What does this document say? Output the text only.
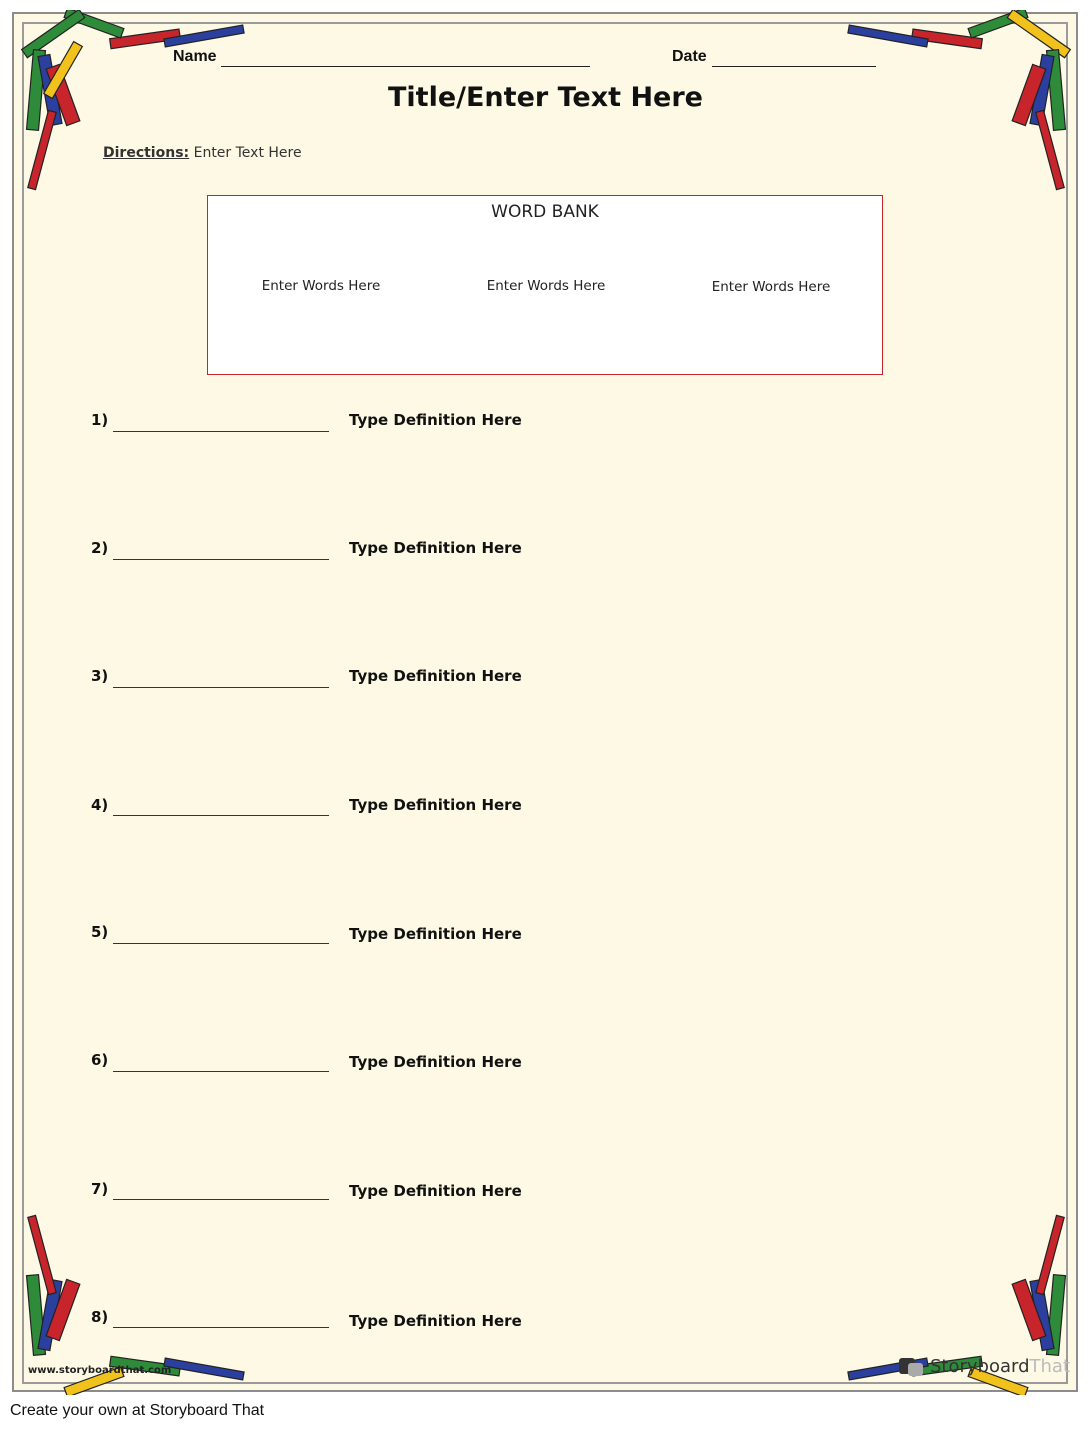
Name	Date
Title/Enter Text Here
Directions: Enter Text Here
WORD BANK
Enter Words Here	Enter Words Here	Enter Words Here
1)	Type Definition Here
2)	Type Definition Here
3)	Type Definition Here
4)	Type Definition Here
5)	Type Definition Here
6)	Type Definition Here
7)	Type Definition Here
8)	Type Definition Here
www.storyboardthat.com	StoryboardThat
Create your own at Storyboard That
